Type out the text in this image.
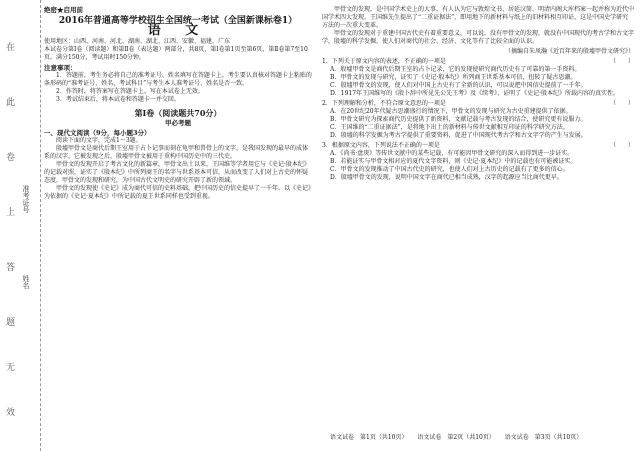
在
此
卷
上
答
题
无
效
准考证号
姓名

绝密★启用前

2016年普通高等学校招生全国统一考试（全国新课标卷1）

语 文

使用地区：山西、河南、河北、湖南、湖北、江西、安徽、福建、广东

本试卷分第Ⅰ卷（阅读题）和第Ⅱ卷（表达题）两部分，共8页，第Ⅰ卷第1页至第6页，第Ⅱ卷第7至10页。满分150分，考试用时150分钟。

注意事项：

1．答题前，考生务必将自己的准考证号、姓名填写在答题卡上。考生要认真核对答题卡上粘贴的条形码的“准考证号、姓名、考试科目”与考生本人准考证号、姓名是否一致。

2．作答时，将答案写在答题卡上。写在本试卷上无效。

3．考试结束后，将本试卷和答题卡一并交回。

第Ⅰ卷（阅读题共70分）

甲必考题

一、现代文阅读（9分，每小题3分）

阅读下面的文字，完成1～3题。

殷墟甲骨文是商代后期王室用于占卜记事而刻在龟甲和兽骨上的文字，是我国发现的最早的成体系的汉字，它被发现之后，殷墟甲骨文被用于重构中国历史中的三代史。

甲骨文的发现开启了考古文化的新篇章，甲骨文出土以来，王国维等学者用它与《史记·殷本纪》的记载对照，证实了《殷本纪》中所列商王的名字与世系基本可信，从而改变了人们对上古史的怀疑态度，甲骨文的发现和研究，为中国古代文明史的研究开辟了新的领域。

甲骨文的发现使《史记》成为商代可信的史料基础，把中国历史的信史提早了一千年。以《史记》为依据的《史记·夏本纪》中所记载的夏王世系同样也受到重视。

甲骨文的发现，是中国学术史上的大事，有人认为它与敦煌文书、居延汉简、明清内阁大库档案一起并称为近代中国学术四大发现。王国维先生提出了“二重证据法”，即用地下的新材料与纸上的旧材料相互印证，这是中国史学研究方法的一次重大变革。

甲骨文的发现对于重建中国古代史有着重要意义，可以说，没有甲骨文的发现，就没有中国现代的考古学和古文字学，殷墟的科学发掘，使人们对商代的社会、经济、文化等有了比较全面的认识。

（摘编自朱凤瀚《近百年来的殷墟甲骨文研究》）

1．下列关于原文内容的表述，不正确的一项是	（　　）

A．殷墟甲骨文是商代后期王室的占卜记录，它的发现使研究商代历史有了可靠的第一手资料。

B．甲骨文的发现与研究，证实了《史记·殷本纪》所列商王世系基本可信，扭转了疑古思潮。

C．殷墟甲骨文的发现，使人们对中国上古史有了全新的认识，可以说把中国信史提前了一千年。

D．1917年王国维写的《殷卜辞中所见先公先王考》及《续考》，证明了《史记·殷本纪》所载内容的真实性。

2．下列理解和分析，不符合原文意思的一项是	（　　）

A．在20世纪20年代疑古思潮盛行的情况下，甲骨文的发现与研究为古史重建提供了依据。

B．甲骨文研究为探索商代历史提供了新资料，文献记载与考古发现的结合，使研究更有说服力。

C．王国维的“二重证据法”，是将地下出土的新材料与传世文献相互印证的科学研究方法。

D．殷墟的科学发掘为考古学提供了重要资料，促进了中国现代考古学和古文字学的产生与发展。

3．根据原文内容，下列说法不正确的一项是	（　　）

A．《尚书·盘庚》等传世文献中的某些记载，有可能因甲骨文研究的深入而得到进一步证实。

B．若能证实与甲骨文相对应的夏代文字资料，则《史记·夏本纪》中的记载也有可能被证实。

C．甲骨文的发现推动了中国古代史的研究，也使人们对上古历史的记载有了更多的信心。

D．殷墟甲骨文的发现，说明中国文字在商代已相当成熟，汉字的起源应当比商代更早。

语文试卷　第1页（共10页） 语文试卷　第2页（共10页） 语文试卷　第3页（共10页）
